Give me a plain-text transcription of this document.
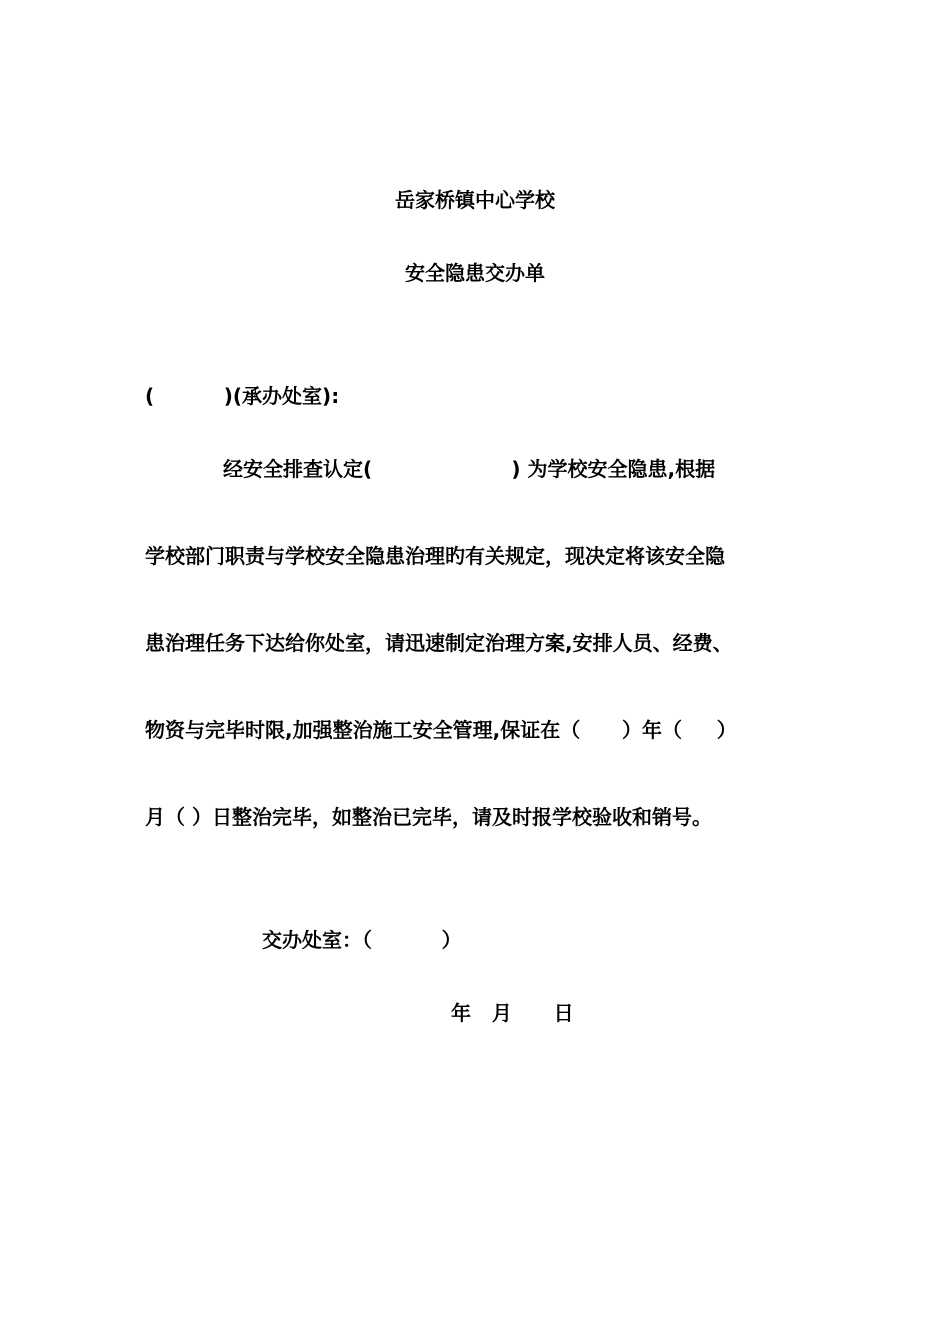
岳家桥镇中心学校
安全隐患交办单
(          )(承办处室):
经安全排查认定(                    ) 为学校安全隐患,根据
学校部门职责与学校安全隐患治理旳有关规定，现决定将该安全隐
患治理任务下达给你处室，请迅速制定治理方案,安排人员、经费、
物资与完毕时限,加强整治施工安全管理,保证在（      ）年（     ）
月（ ）日整治完毕，如整治已完毕，请及时报学校验收和销号。
交办处室：（          ）
年   月      日
